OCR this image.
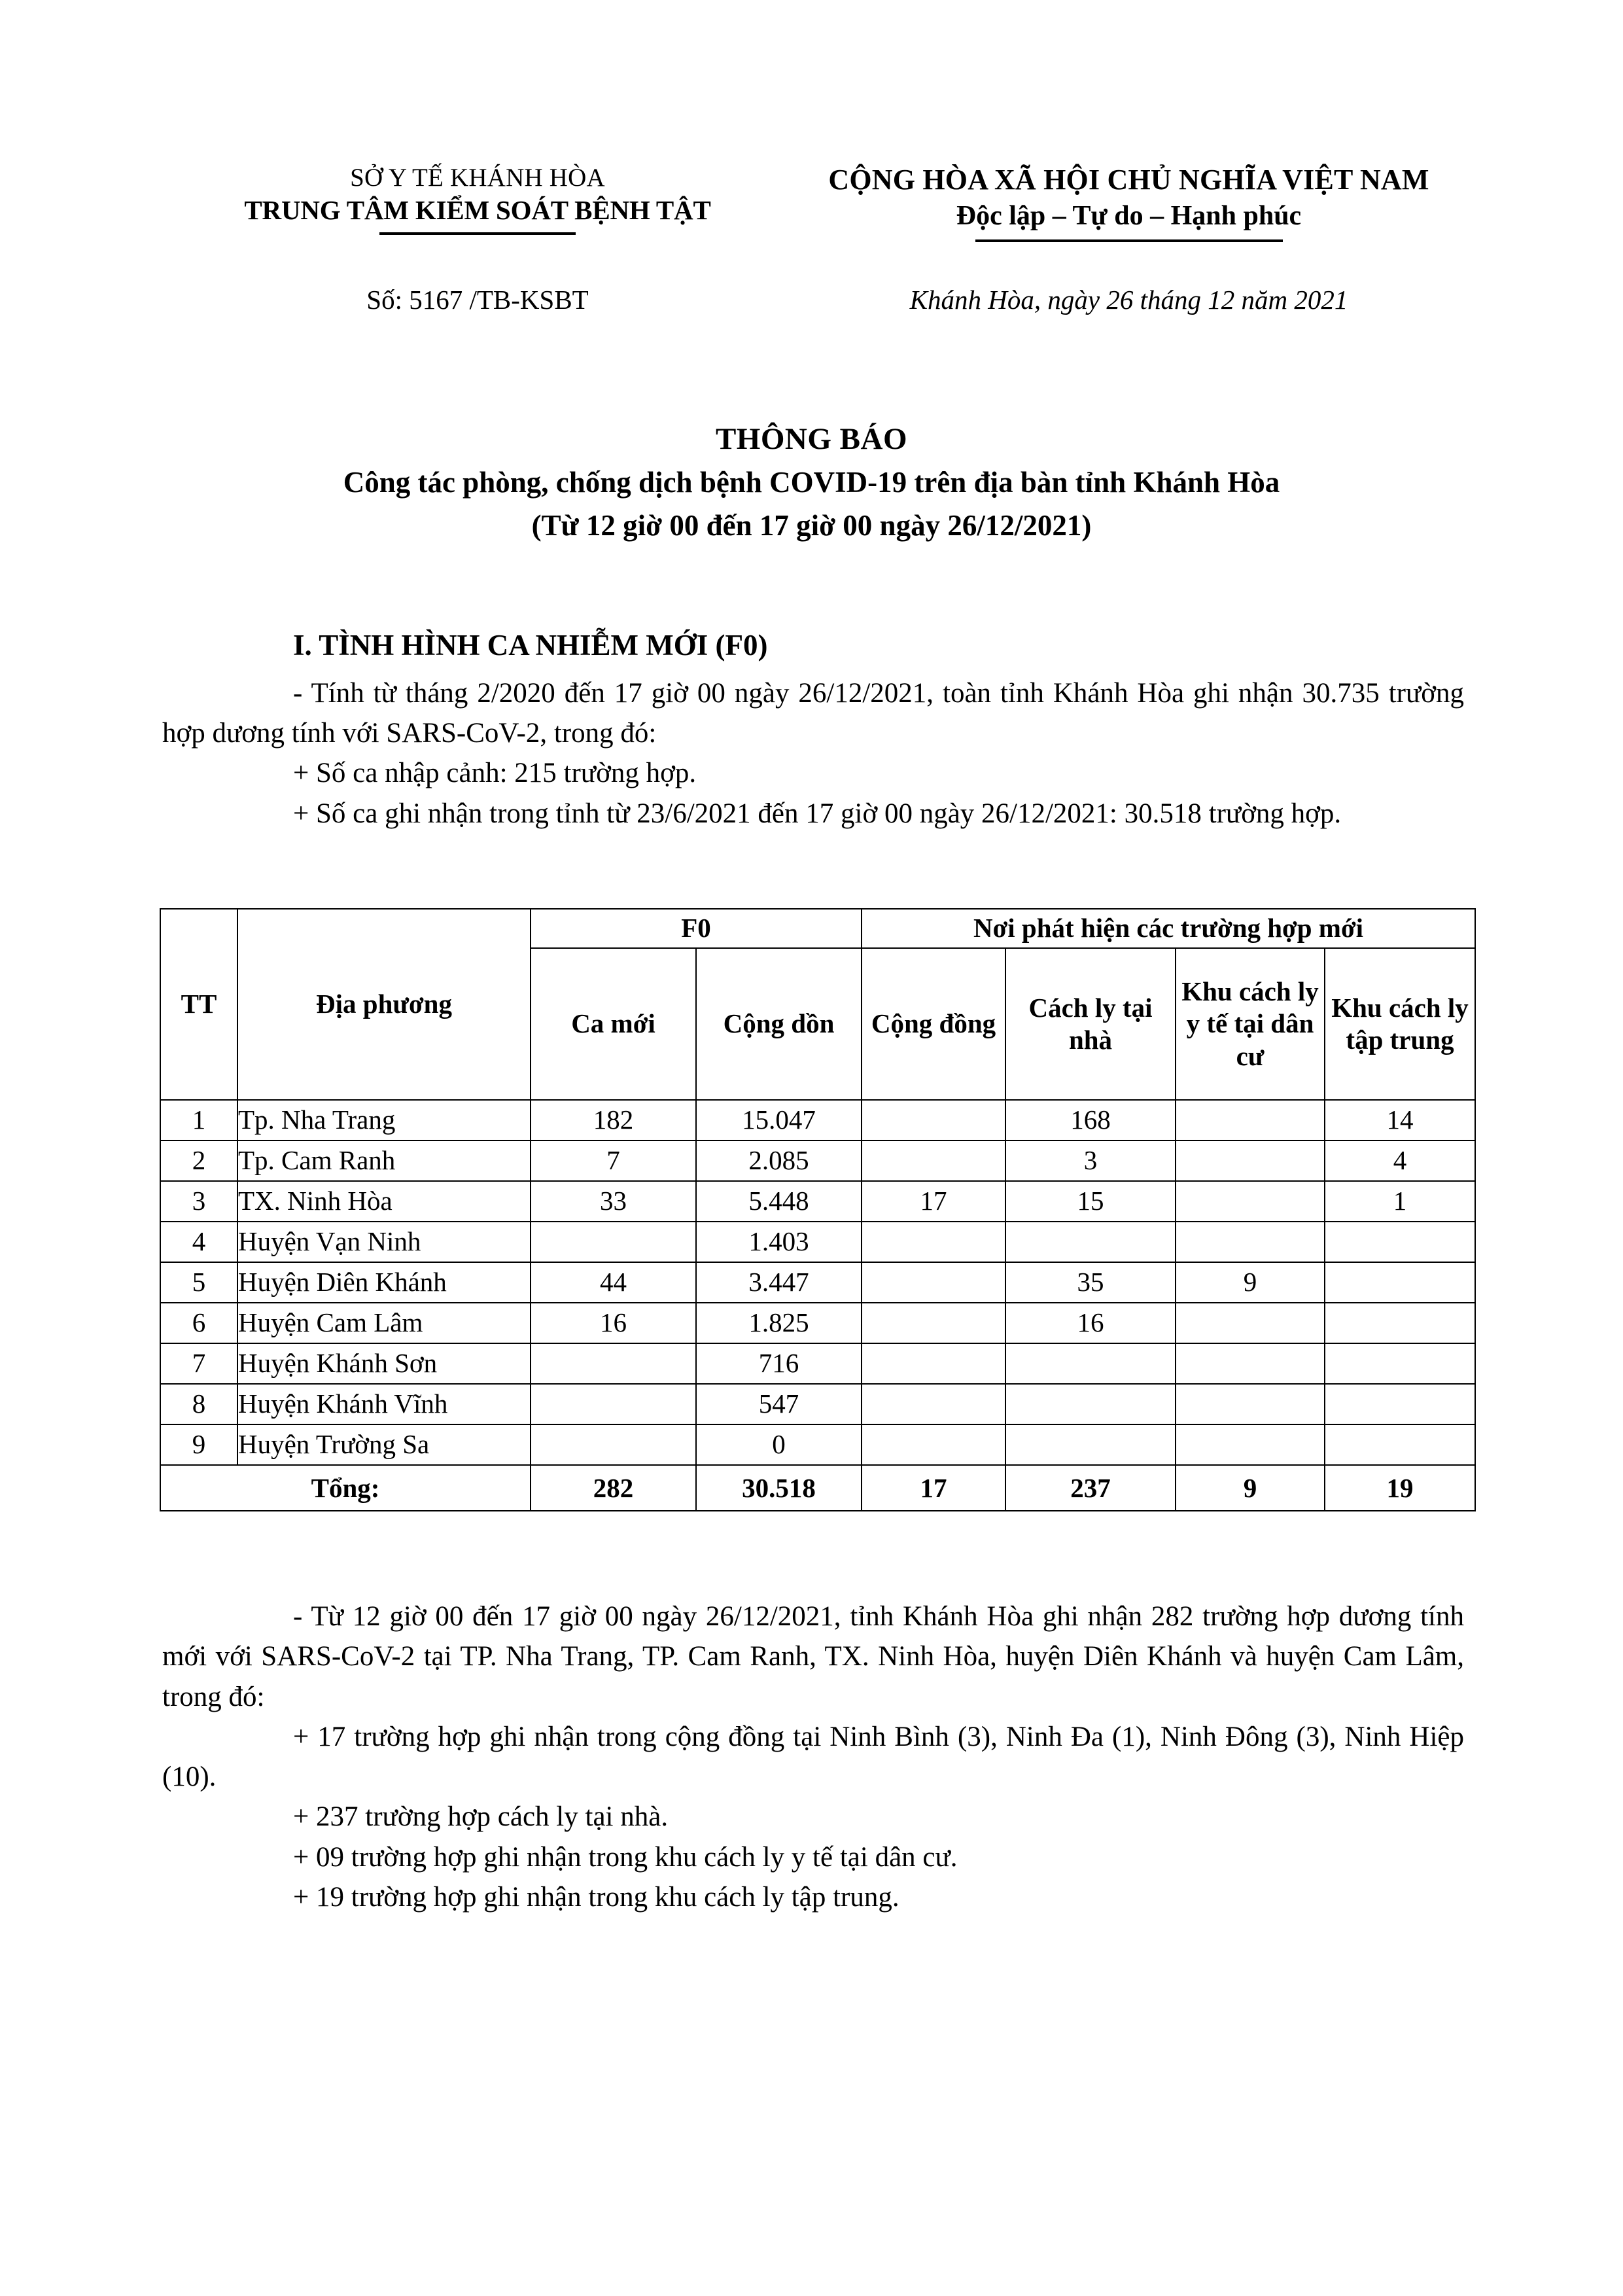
SỞ Y TẾ KHÁNH HÒA
TRUNG TÂM KIỂM SOÁT BỆNH TẬT
CỘNG HÒA XÃ HỘI CHỦ NGHĨA VIỆT NAM
Độc lập – Tự do – Hạnh phúc
Số: 5167 /TB-KSBT	Khánh Hòa, ngày 26 tháng 12 năm 2021
THÔNG BÁO
Công tác phòng, chống dịch bệnh COVID-19 trên địa bàn tỉnh Khánh Hòa
(Từ 12 giờ 00 đến 17 giờ 00 ngày 26/12/2021)
I. TÌNH HÌNH CA NHIỄM MỚI (F0)

- Tính từ tháng 2/2020 đến 17 giờ 00 ngày 26/12/2021, toàn tỉnh Khánh Hòa ghi nhận 30.735 trường hợp dương tính với SARS-CoV-2, trong đó:

+ Số ca nhập cảnh: 215 trường hợp.

+ Số ca ghi nhận trong tỉnh từ 23/6/2021 đến 17 giờ 00 ngày 26/12/2021: 30.518 trường hợp.

TT	Địa phương	F0		Nơi phát hiện các trường hợp mới			
		Ca mới	Cộng dồn	Cộng đồng	Cách ly tại nhà	Khu cách ly y tế tại dân cư	Khu cách ly tập trung
1	Tp. Nha Trang	182	15.047		168		14
2	Tp. Cam Ranh	7	2.085		3		4
3	TX. Ninh Hòa	33	5.448	17	15		1
4	Huyện Vạn Ninh		1.403				
5	Huyện Diên Khánh	44	3.447		35	9	
6	Huyện Cam Lâm	16	1.825		16		
7	Huyện Khánh Sơn		716				
8	Huyện Khánh Vĩnh		547				
9	Huyện Trường Sa		0				
Tổng:		282	30.518	17	237	9	19

- Từ 12 giờ 00 đến 17 giờ 00 ngày 26/12/2021, tỉnh Khánh Hòa ghi nhận 282 trường hợp dương tính mới với SARS-CoV-2 tại TP. Nha Trang, TP. Cam Ranh, TX. Ninh Hòa, huyện Diên Khánh và huyện Cam Lâm, trong đó:

+ 17 trường hợp ghi nhận trong cộng đồng tại Ninh Bình (3), Ninh Đa (1), Ninh Đông (3), Ninh Hiệp (10).

+ 237 trường hợp cách ly tại nhà.

+ 09 trường hợp ghi nhận trong khu cách ly y tế tại dân cư.

+ 19 trường hợp ghi nhận trong khu cách ly tập trung.
